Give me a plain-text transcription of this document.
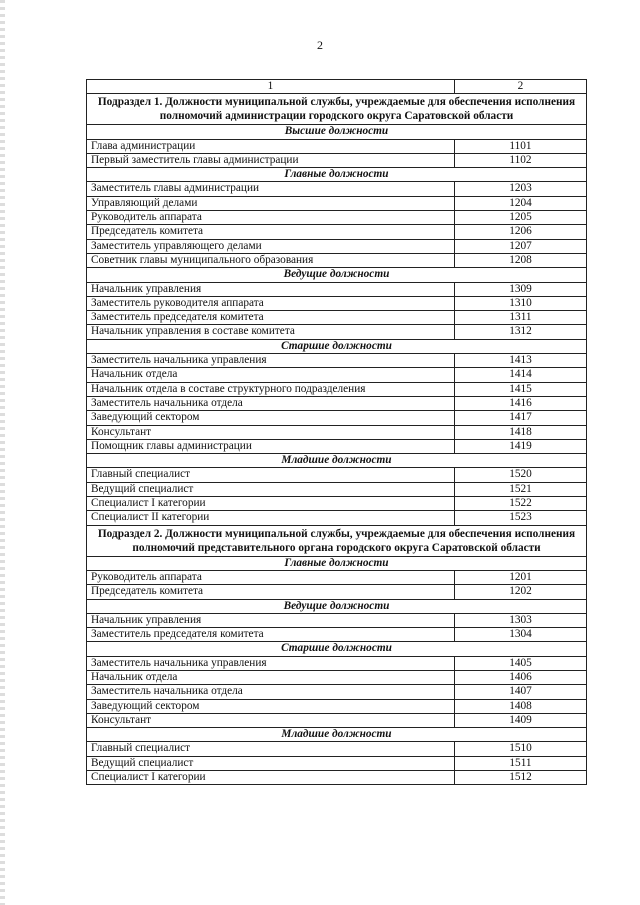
2
1	2
Подраздел 1. Должности муниципальной службы, учреждаемые для обеспечения исполнения полномочий администрации городского округа Саратовской области	
Высшие должности	
Глава администрации	1101
Первый заместитель главы администрации	1102
Главные должности	
Заместитель главы администрации	1203
Управляющий делами	1204
Руководитель аппарата	1205
Председатель комитета	1206
Заместитель управляющего делами	1207
Советник главы муниципального образования	1208
Ведущие должности	
Начальник управления	1309
Заместитель руководителя аппарата	1310
Заместитель председателя комитета	1311
Начальник управления в составе комитета	1312
Старшие должности	
Заместитель начальника управления	1413
Начальник отдела	1414
Начальник отдела в составе структурного подразделения	1415
Заместитель начальника отдела	1416
Заведующий сектором	1417
Консультант	1418
Помощник главы администрации	1419
Младшие должности	
Главный специалист	1520
Ведущий специалист	1521
Специалист I категории	1522
Специалист II категории	1523
Подраздел 2. Должности муниципальной службы, учреждаемые для обеспечения исполнения полномочий представительного органа городского округа Саратовской области	
Главные должности	
Руководитель аппарата	1201
Председатель комитета	1202
Ведущие должности	
Начальник управления	1303
Заместитель председателя комитета	1304
Старшие должности	
Заместитель начальника управления	1405
Начальник отдела	1406
Заместитель начальника отдела	1407
Заведующий сектором	1408
Консультант	1409
Младшие должности	
Главный специалист	1510
Ведущий специалист	1511
Специалист I категории	1512
